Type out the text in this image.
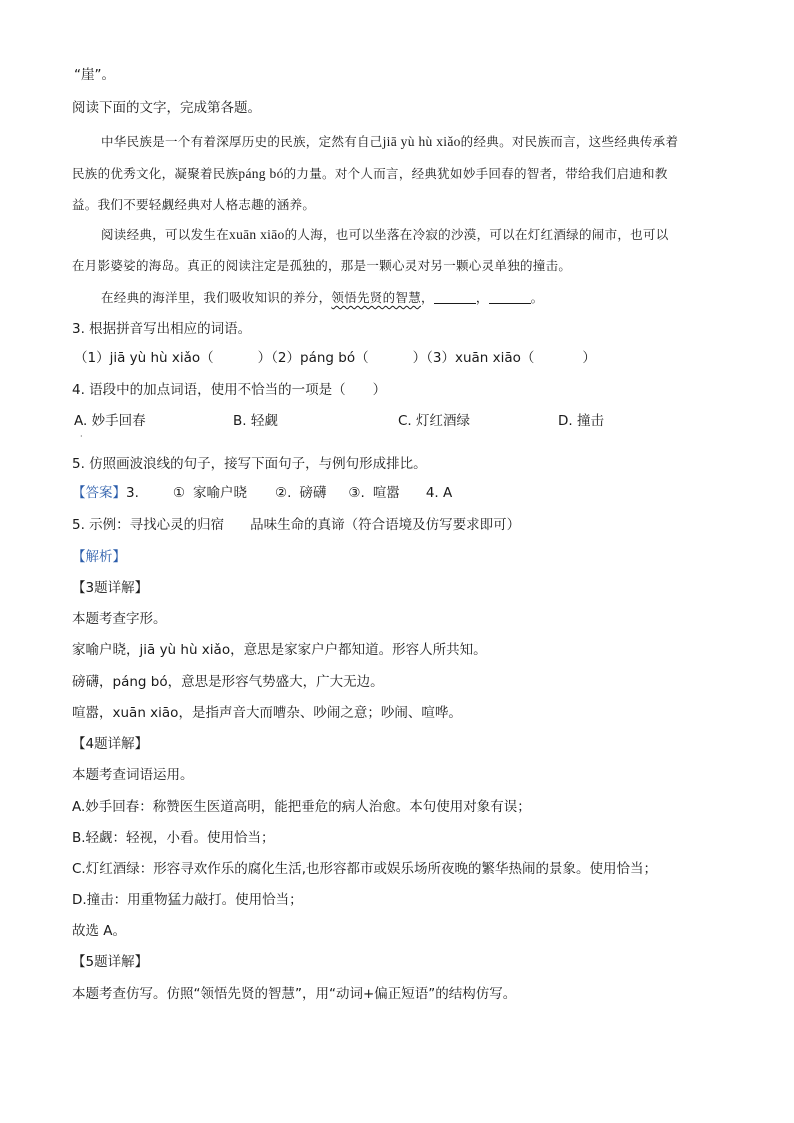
“崖”。
阅读下面的文字，完成第各题。
中华民族是一个有着深厚历史的民族，定然有自己jiā yù hù xiǎo的经典。对民族而言，这些经典传承着
民族的优秀文化，凝聚着民族páng bó的力量。对个人而言，经典犹如妙手回春的智者，带给我们启迪和教
益。我们不要轻觑经典对人格志趣的涵养。
阅读经典，可以发生在xuān xiāo的人海，也可以坐落在冷寂的沙漠，可以在灯红酒绿的闹市，也可以
在月影婆娑的海岛。真正的阅读注定是孤独的，那是一颗心灵对另一颗心灵单独的撞击。
在经典的海洋里，我们吸收知识的养分，领悟先贤的智慧，	，	。
3. 根据拼音写出相应的词语。
（1）jiā yù hù xiǎo（	）（2）páng bó（	）（3）xuān xiāo（	）
4. 语段中的加点词语，使用不恰当的一项是（　　）
A. 妙手回春
·
B. 轻觑	C. 灯红酒绿	D. 撞击
5. 仿照画波浪线的句子，接写下面句子，与例句形成排比。
【答案】3.	① 家喻户晓 ②. 磅礴 ③. 喧嚣 4. A
5. 示例：寻找心灵的归宿 品味生命的真谛（符合语境及仿写要求即可）
【解析】
【3题详解】
本题考查字形。
家喻户晓，jiā yù hù xiǎo，意思是家家户户都知道。形容人所共知。
磅礴，páng bó，意思是形容气势盛大，广大无边。
喧嚣，xuān xiāo，是指声音大而嘈杂、吵闹之意；吵闹、喧哗。
【4题详解】
本题考查词语运用。
A.妙手回春：称赞医生医道高明，能把垂危的病人治愈。本句使用对象有误；
B.轻觑：轻视，小看。使用恰当；
C.灯红酒绿：形容寻欢作乐的腐化生活,也形容都市或娱乐场所夜晚的繁华热闹的景象。使用恰当；
D.撞击：用重物猛力敲打。使用恰当；
故选 A。
【5题详解】
本题考查仿写。仿照“领悟先贤的智慧”，用“动词+偏正短语”的结构仿写。
